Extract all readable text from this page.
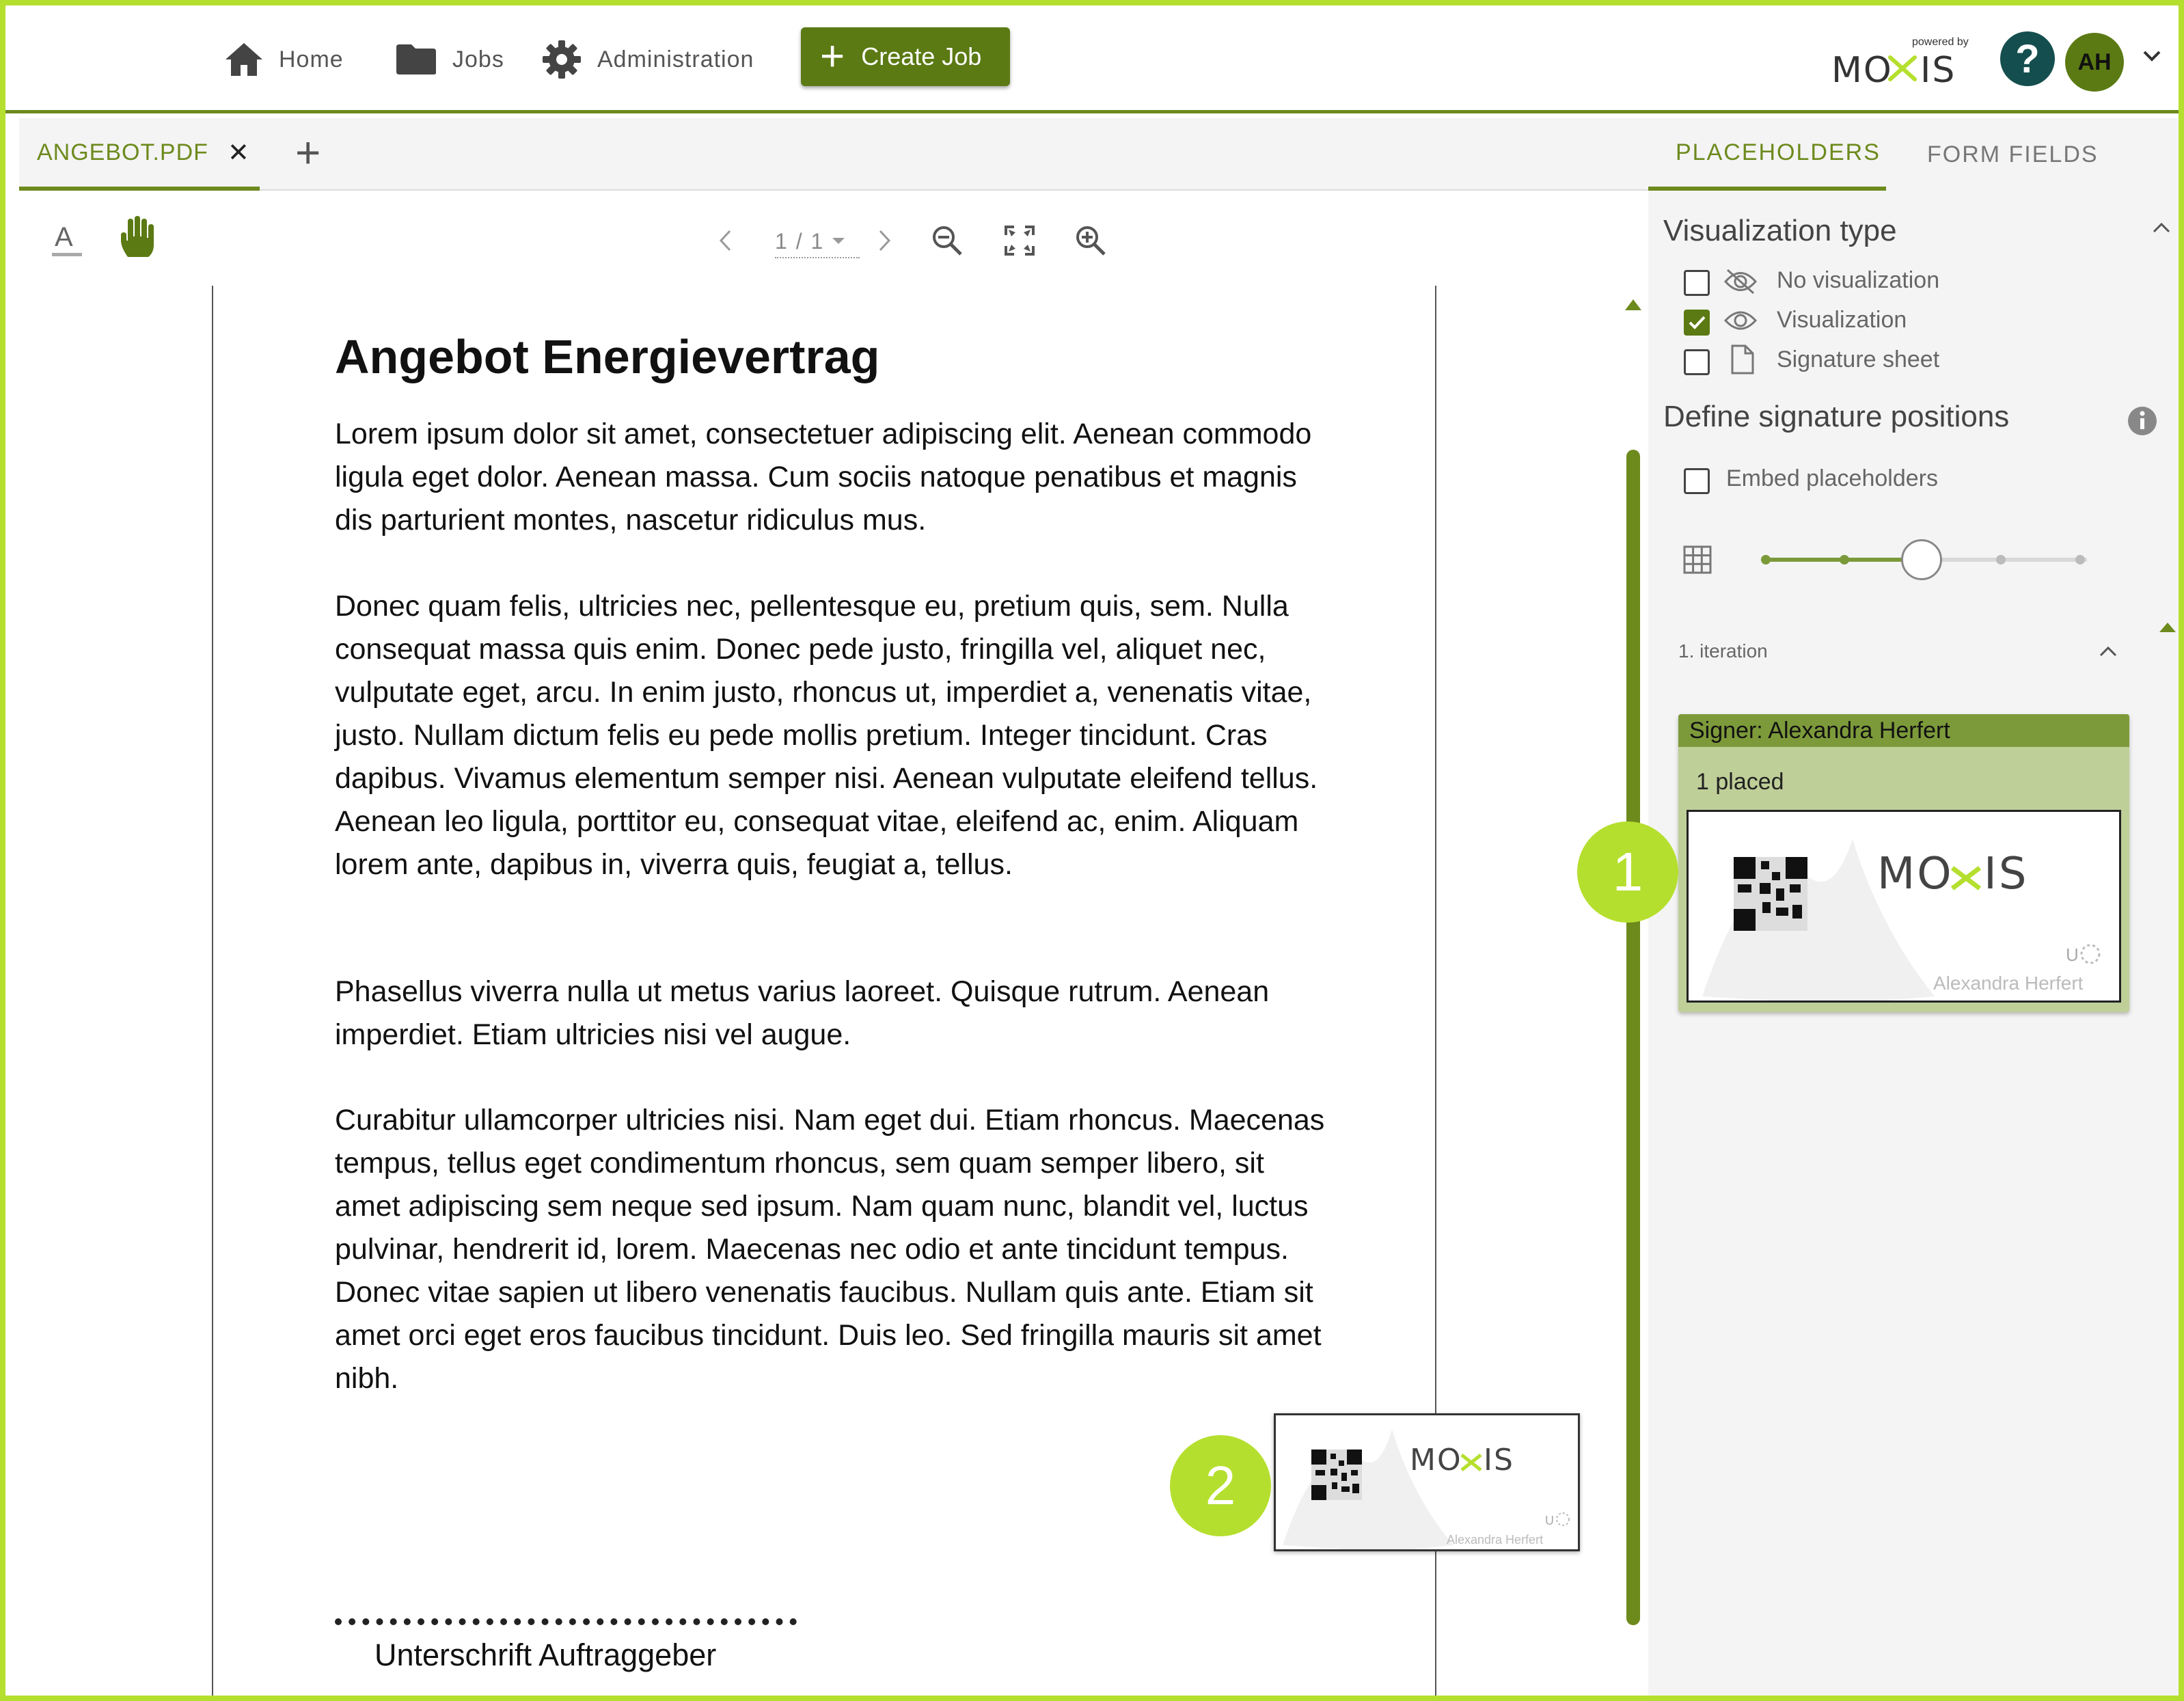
Home	Jobs	Administration + Create Job
powered by
MO IS ? AH
ANGEBOT.PDF ✕ +
A	1 / 1
Angebot Energievertrag
Lorem ipsum dolor sit amet, consectetuer adipiscing elit. Aenean commodo ligula eget dolor. Aenean massa. Cum sociis natoque penatibus et magnis dis parturient montes, nascetur ridiculus mus.
Donec quam felis, ultricies nec, pellentesque eu, pretium quis, sem. Nulla consequat massa quis enim. Donec pede justo, fringilla vel, aliquet nec, vulputate eget, arcu. In enim justo, rhoncus ut, imperdiet a, venenatis vitae, justo. Nullam dictum felis eu pede mollis pretium. Integer tincidunt. Cras dapibus. Vivamus elementum semper nisi. Aenean vulputate eleifend tellus. Aenean leo ligula, porttitor eu, consequat vitae, eleifend ac, enim. Aliquam lorem ante, dapibus in, viverra quis, feugiat a, tellus.
Phasellus viverra nulla ut metus varius laoreet. Quisque rutrum. Aenean imperdiet. Etiam ultricies nisi vel augue.
Curabitur ullamcorper ultricies nisi. Nam eget dui. Etiam rhoncus. Maecenas tempus, tellus eget condimentum rhoncus, sem quam semper libero, sit amet adipiscing sem neque sed ipsum. Nam quam nunc, blandit vel, luctus pulvinar, hendrerit id, lorem. Maecenas nec odio et ante tincidunt tempus. Donec vitae sapien ut libero venenatis faucibus. Nullam quis ante. Etiam sit amet orci eget eros faucibus tincidunt. Duis leo. Sed fringilla mauris sit amet nibh.
Unterschrift Auftraggeber
MO IS
U
Alexandra Herfert
2
PLACEHOLDERS FORM FIELDS
Visualization type
No visualization
Visualization
Signature sheet
Define signature positions
Embed placeholders
1. iteration
Signer: Alexandra Herfert
1 placed
MO IS
U
Alexandra Herfert
1
